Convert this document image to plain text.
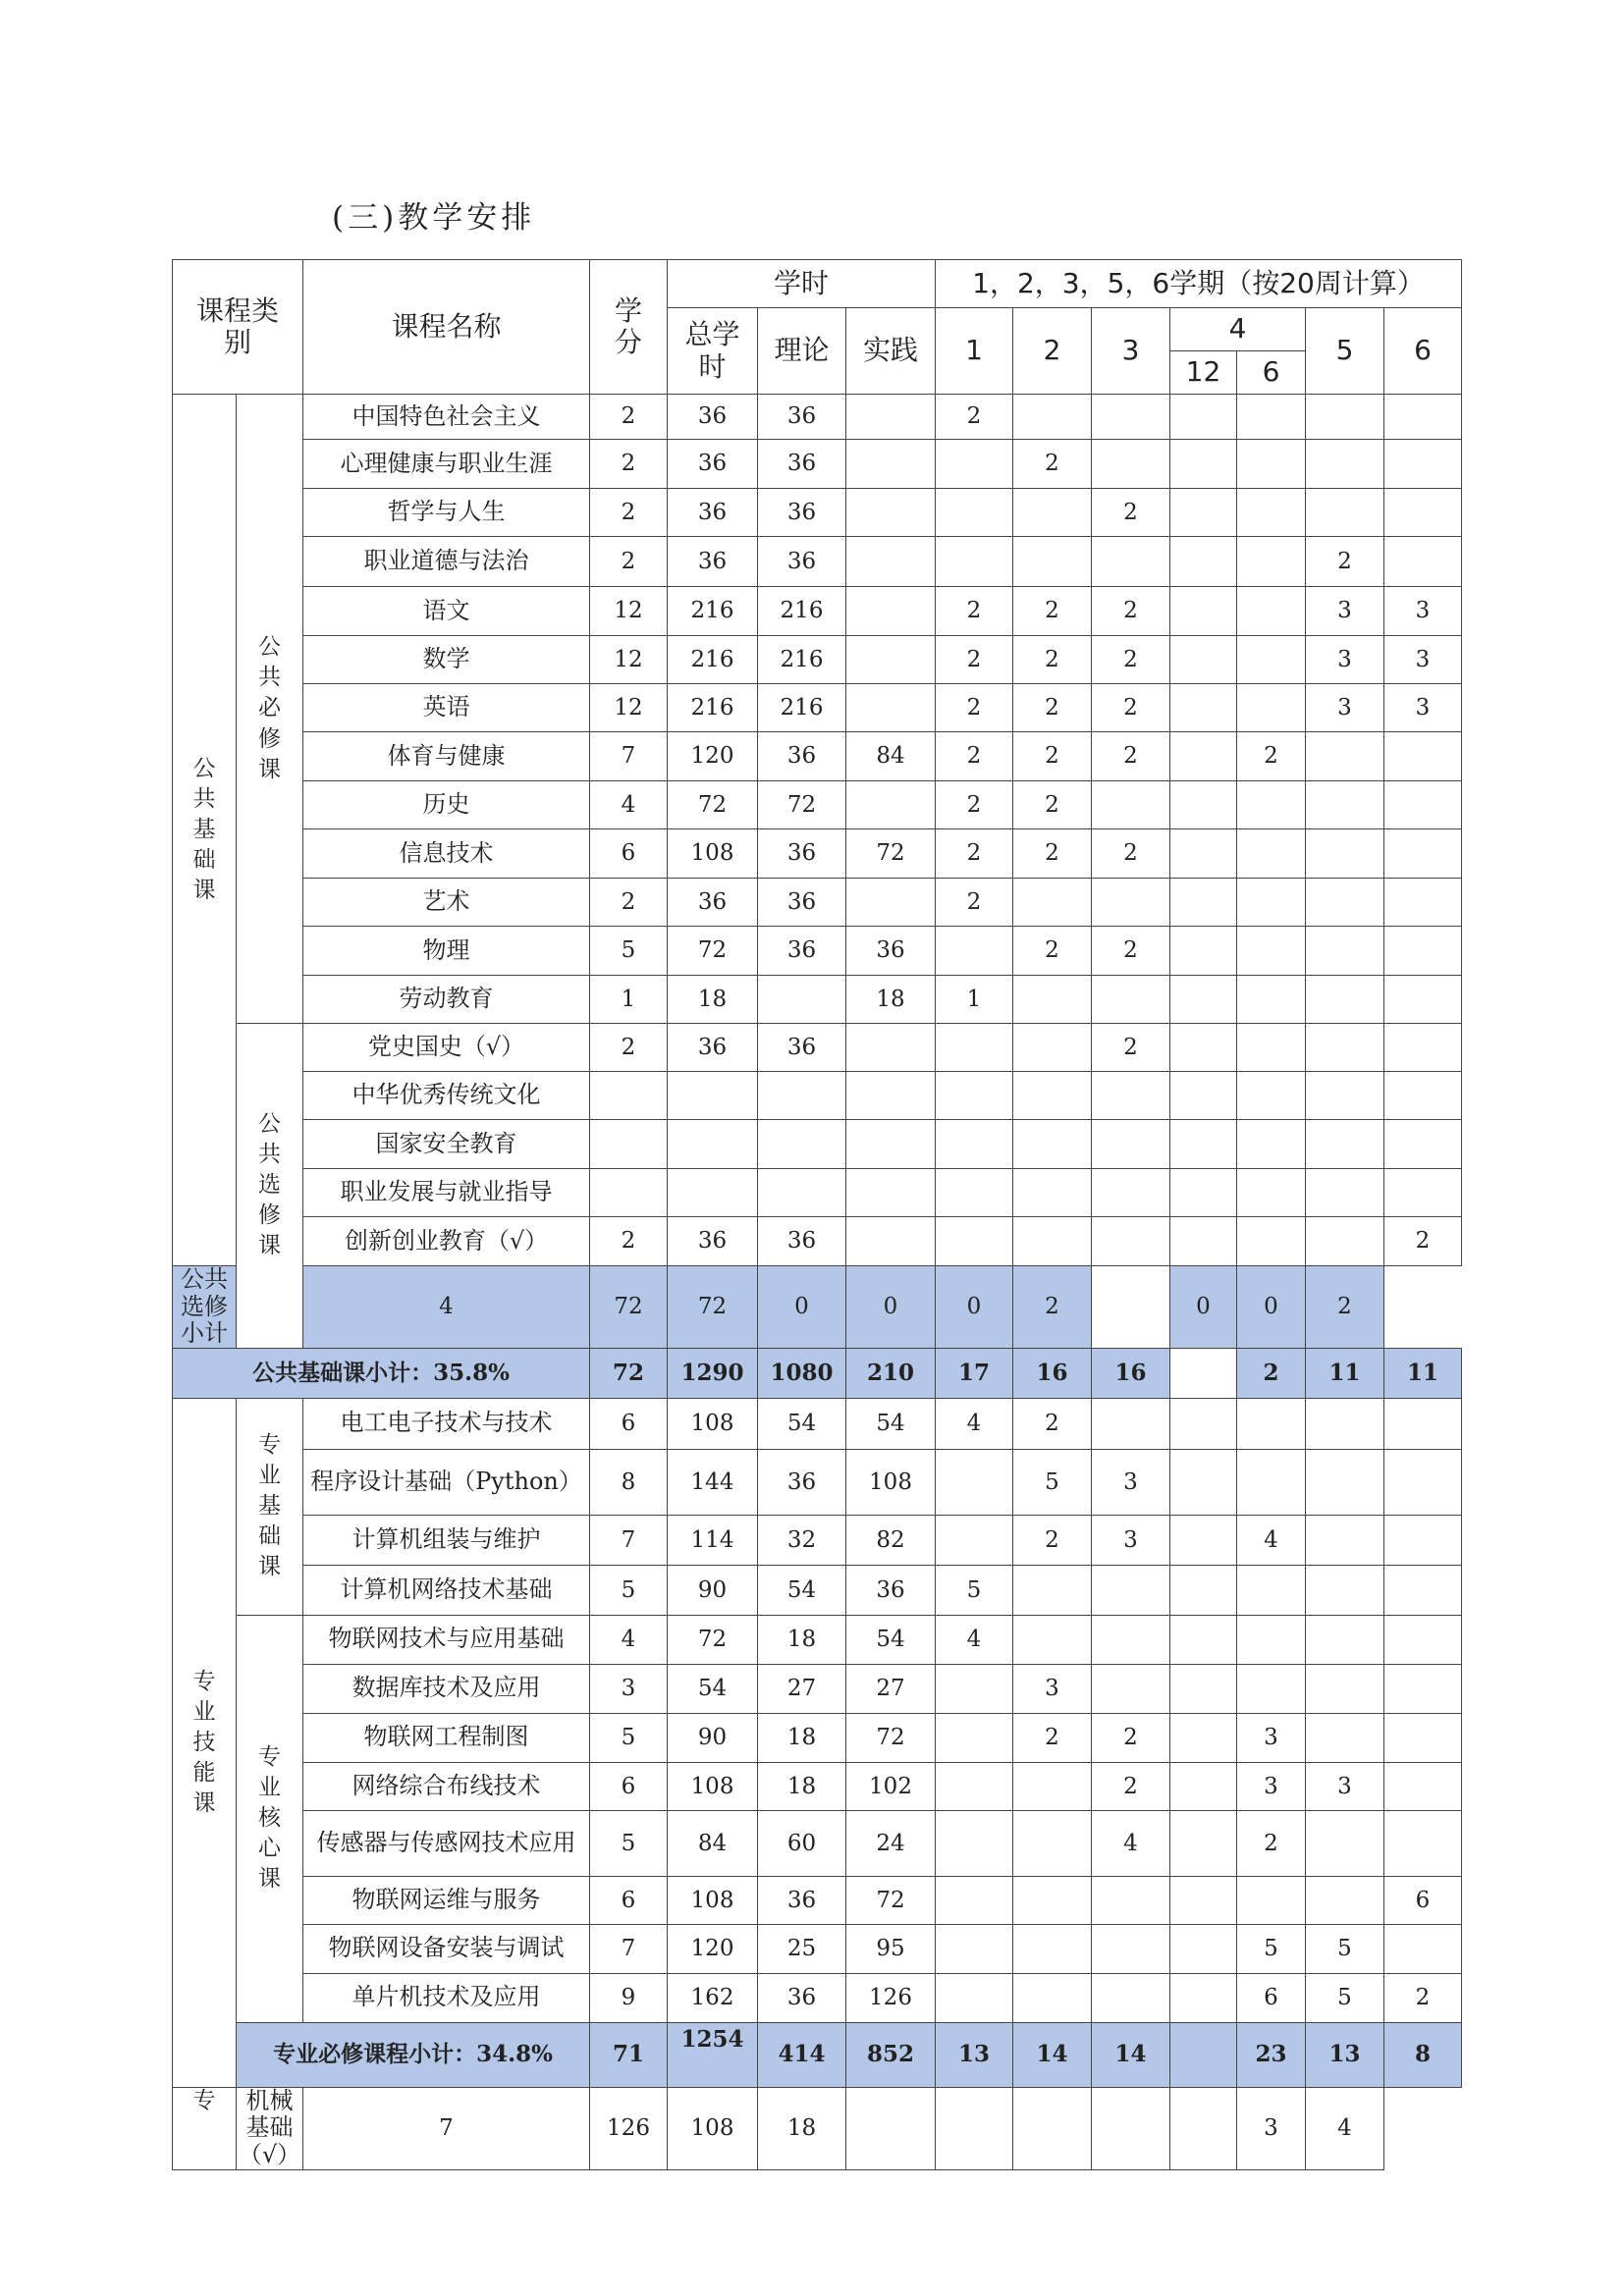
(三)教学安排
课程类别		课程名称	学分	学时			1，2，3，5，6学期（按20周计算）						
				总学时	理论	实践	1	2	3	4		5	6
										12	6		

公
共
基
础
课	公
共
必
修
课	中国特色社会主义	2	36	36		2						
		心理健康与职业生涯	2	36	36			2					
		哲学与人生	2	36	36				2				
		职业道德与法治	2	36	36							2	
		语文	12	216	216		2	2	2			3	3
		数学	12	216	216		2	2	2			3	3
		英语	12	216	216		2	2	2			3	3
		体育与健康	7	120	36	84	2	2	2		2		
		历史	4	72	72		2	2					
		信息技术	6	108	36	72	2	2	2				
		艺术	2	36	36		2						
		物理	5	72	36	36		2	2				
		劳动教育	1	18		18	1						

	公
共
选
修
课	党史国史（√）	2	36	36				2				
		中华优秀传统文化											
		国家安全教育											
		职业发展与就业指导											
		创新创业教育（√）	2	36	36								2
公共选修小计		4	72	72	0	0	0	2		0	0	2	
公共基础课小计：35.8%			72	1290	1080	210	17	16	16		2	11	11

专
业
技
能
课	专
业
基
础
课	电工电子技术与技术	6	108	54	54	4	2					
		程序设计基础（Python）	8	144	36	108		5	3				
		计算机组装与维护	7	114	32	82		2	3		4		
		计算机网络技术基础	5	90	54	36	5						

	专
业
核
心
课	物联网技术与应用基础	4	72	18	54	4						
		数据库技术及应用	3	54	27	27		3					
		物联网工程制图	5	90	18	72		2	2		3		
		网络综合布线技术	6	108	18	102			2		3	3	
		传感器与传感网技术应用	5	84	60	24			4		2		
		物联网运维与服务	6	108	36	72							6
		物联网设备安装与调试	7	120	25	95					5	5	
		单片机技术及应用	9	162	36	126					6	5	2
	专业必修课程小计：34.8%		71	1254	414	852	13	14	14		23	13	8
专	机械基础（√）	7	126	108	18						3	4	
